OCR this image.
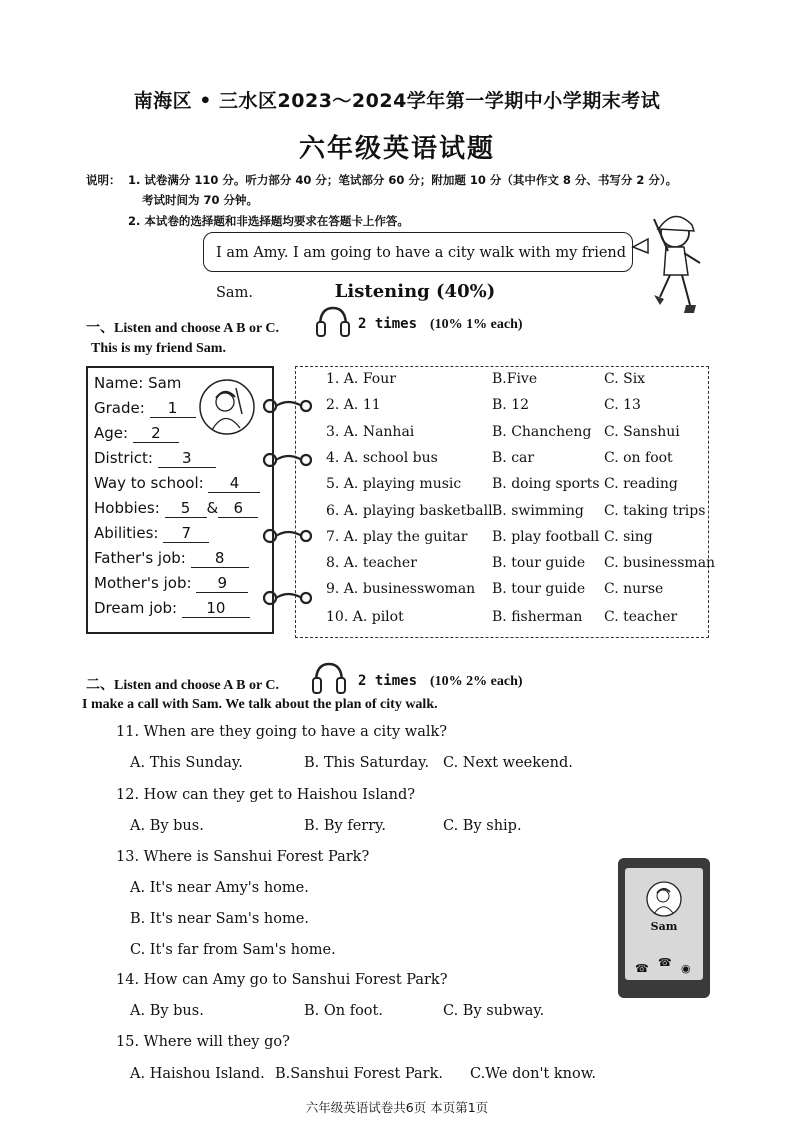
南海区 • 三水区2023～2024学年第一学期中小学期末考试
六年级英语试题
说明： 1. 试卷满分 110 分。听力部分 40 分；笔试部分 60 分；附加题 10 分（其中作文 8 分、书写分 2 分）。
考试时间为 70 分钟。
2. 本试卷的选择题和非选择题均要求在答题卡上作答。
I am Amy. I am going to have a city walk with my friend Sam.	Listening (40%)
一、Listen and choose A B or C.	2 times (10% 1% each)
This is my friend Sam.
Name: Sam
Grade: 1
Age: 2
District: 3
Way to school: 4
Hobbies: 5 & 6
Abilities: 7
Father's job: 8
Mother's job: 9
Dream job: 10
1. A. Four	B.Five	C. Six
2. A. 11	B. 12	C. 13
3. A. Nanhai	B. Chancheng C. Sanshui
4. A. school bus	B. car	C. on foot
5. A. playing music B. doing sports C. reading
6. A. playing basketball B. swimming C. taking trips
7. A. play the guitar B. play football C. sing
8. A. teacher	B. tour guide C. businessman
9. A. businesswoman B. tour guide C. nurse
10. A. pilot	B. fisherman C. teacher
二、Listen and choose A B or C.	2 times (10% 2% each)
I make a call with Sam. We talk about the plan of city walk.
11. When are they going to have a city walk?
A. This Sunday.	B. This Saturday. C. Next weekend.
12. How can they get to Haishou Island?
A. By bus.	B. By ferry.	C. By ship.
13. Where is Sanshui Forest Park?
A. It's near Amy's home.
B. It's near Sam's home.
C. It's far from Sam's home.
14. How can Amy go to Sanshui Forest Park?
A. By bus.	B. On foot.	C. By subway.
15. Where will they go?
A. Haishou Island. B.Sanshui Forest Park. C.We don't know.
Sam
☎ ☎ ◉
六年级英语试卷共6页 本页第1页
